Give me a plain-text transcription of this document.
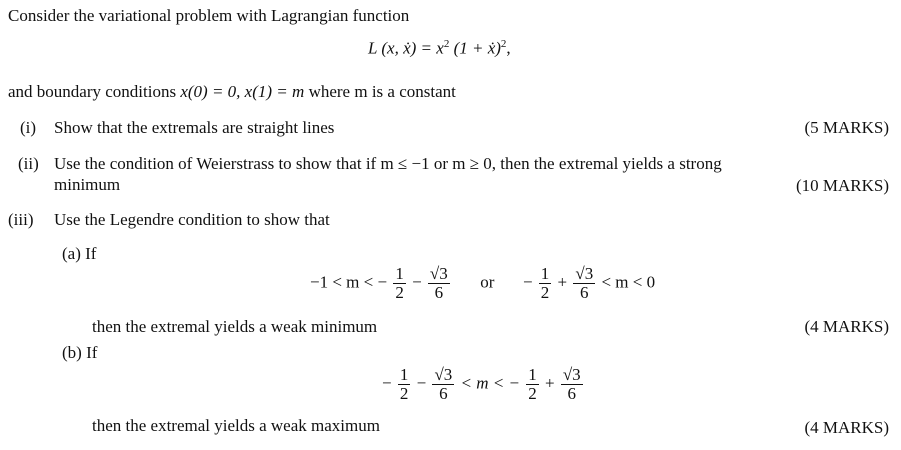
Consider the variational problem with Lagrangian function
L (x, ẋ) = $x^2$ (1 + ẋ)$^2$,
and boundary conditions x(0) = 0, x(1) = m where m is a constant
(i) Show that the extremals are straight lines	(5 MARKS)
(ii) Use the condition of Weierstrass to show that if m ≤ −1 or m ≥ 0, then the extremal yields a strong
minimum	(10 MARKS)
(iii) Use the Legendre condition to show that
(a) If
−1 < m < − $\frac{1}{2} - \frac{√3}{6}$ or − $\frac{1}{2} + \frac{√3}{6} < m < 0$
then the extremal yields a weak minimum	(4 MARKS)
(b) If
− $\frac{1}{2} - \frac{√3}{6} < m$ < − $\frac{1}{2} + \frac{√3}{6}$
then the extremal yields a weak maximum	(4 MARKS)
